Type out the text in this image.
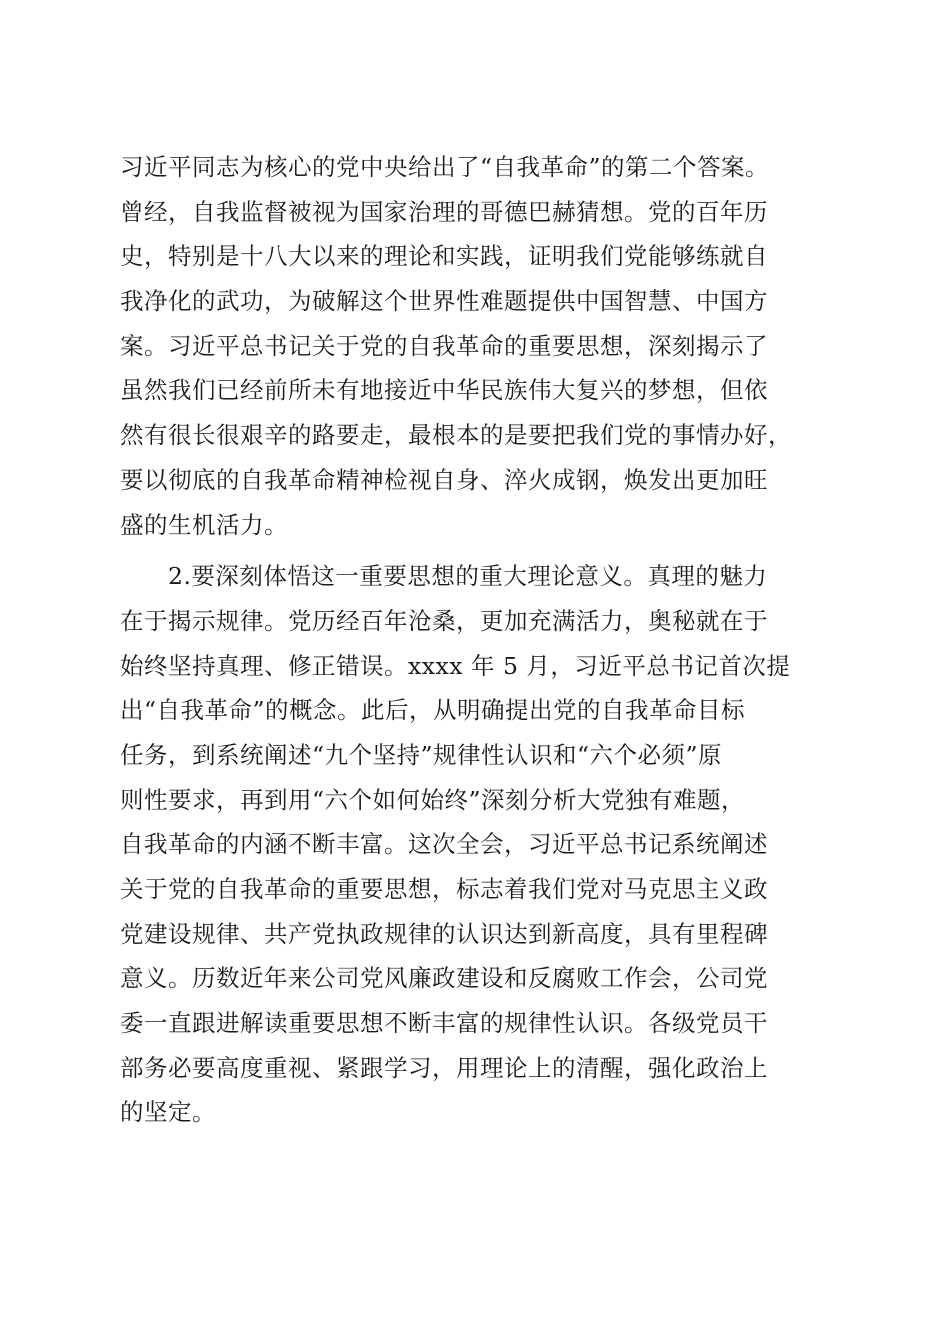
习近平同志为核心的党中央给出了“自我革命”的第二个答案。
曾经，自我监督被视为国家治理的哥德巴赫猜想。党的百年历
史，特别是十八大以来的理论和实践，证明我们党能够练就自
我净化的武功，为破解这个世界性难题提供中国智慧、中国方
案。习近平总书记关于党的自我革命的重要思想，深刻揭示了
虽然我们已经前所未有地接近中华民族伟大复兴的梦想，但依
然有很长很艰辛的路要走，最根本的是要把我们党的事情办好，
要以彻底的自我革命精神检视自身、淬火成钢，焕发出更加旺
盛的生机活力。
　　2.要深刻体悟这一重要思想的重大理论意义。真理的魅力
在于揭示规律。党历经百年沧桑，更加充满活力，奥秘就在于
始终坚持真理、修正错误。xxxx 年 5 月，习近平总书记首次提
出“自我革命”的概念。此后，从明确提出党的自我革命目标
任务，到系统阐述“九个坚持”规律性认识和“六个必须”原
则性要求，再到用“六个如何始终”深刻分析大党独有难题，
自我革命的内涵不断丰富。这次全会，习近平总书记系统阐述
关于党的自我革命的重要思想，标志着我们党对马克思主义政
党建设规律、共产党执政规律的认识达到新高度，具有里程碑
意义。历数近年来公司党风廉政建设和反腐败工作会，公司党
委一直跟进解读重要思想不断丰富的规律性认识。各级党员干
部务必要高度重视、紧跟学习，用理论上的清醒，强化政治上
的坚定。
